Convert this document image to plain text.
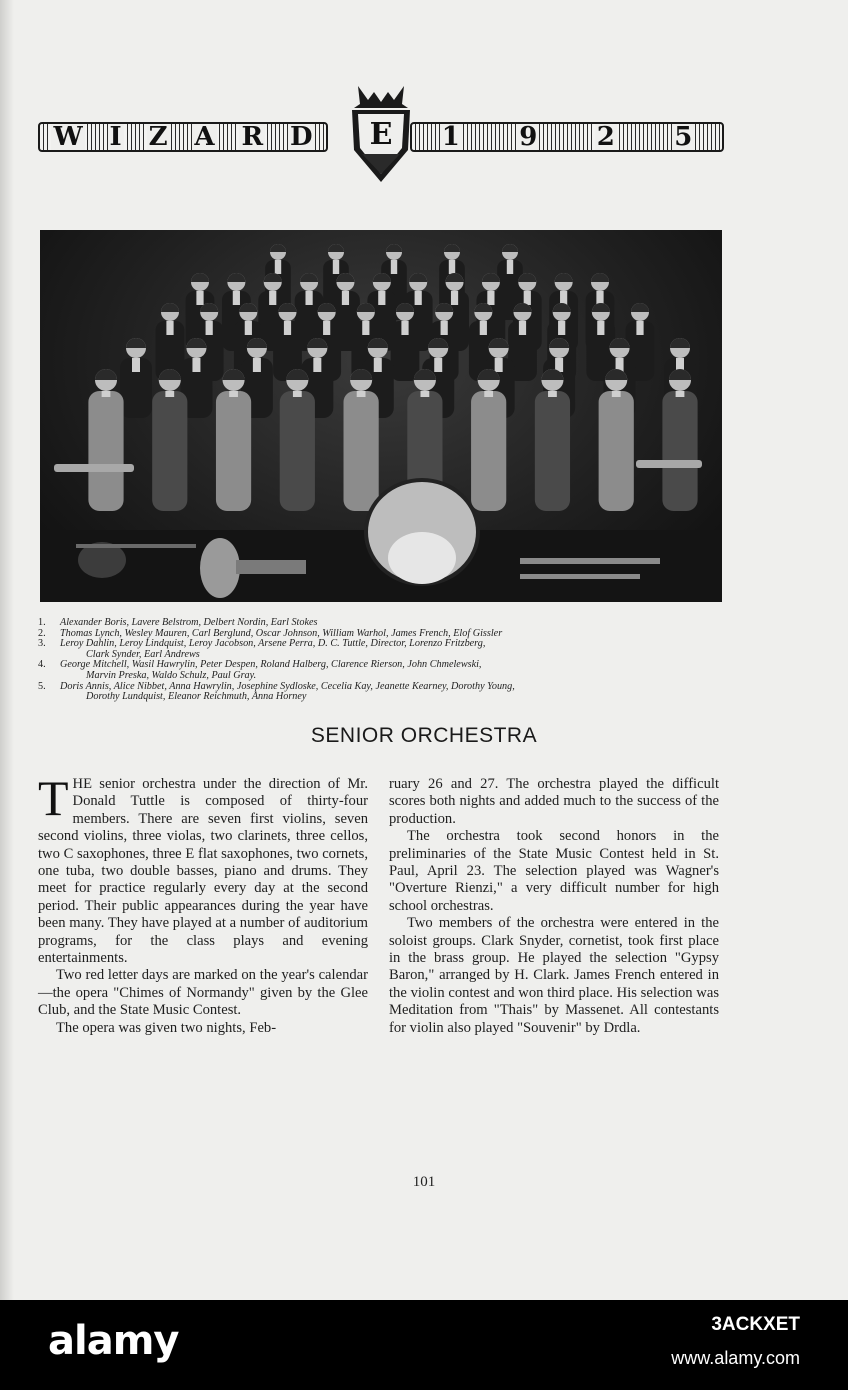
W I Z A R D E 1 9 2 5
1.	Alexander Boris, Lavere Belstrom, Delbert Nordin, Earl Stokes
2.	Thomas Lynch, Wesley Mauren, Carl Berglund, Oscar Johnson, William Warhol, James French, Elof Gissler
3.	Leroy Dahlin, Leroy Lindquist, Leroy Jacobson, Arsene Perra, D. C. Tuttle, Director, Lorenzo Fritzberg,
Clark Synder, Earl Andrews
4.	George Mitchell, Wasil Hawrylin, Peter Despen, Roland Halberg, Clarence Rierson, John Chmelewski,
Marvin Preska, Waldo Schulz, Paul Gray.
5.	Doris Annis, Alice Nibbet, Anna Hawrylin, Josephine Sydloske, Cecelia Kay, Jeanette Kearney, Dorothy Young,
Dorothy Lundquist, Eleanor Reichmuth, Anna Horney
SENIOR ORCHESTRA

THE senior orchestra under the direction of Mr. Donald Tuttle is composed of thirty-four members. There are seven first violins, seven second violins, three violas, two clarinets, three cellos, two C saxophones, three E flat saxophones, two cornets, one tuba, two double basses, piano and drums. They meet for practice regularly every day at the second period. Their public appearances during the year have been many. They have played at a number of auditorium programs, for the class plays and evening entertainments.

Two red letter days are marked on the year's calendar—the opera "Chimes of Normandy" given by the Glee Club, and the State Music Contest.

The opera was given two nights, Feb-

ruary 26 and 27. The orchestra played the difficult scores both nights and added much to the success of the production.

The orchestra took second honors in the preliminaries of the State Music Contest held in St. Paul, April 23. The selection played was Wagner's "Overture Rienzi," a very difficult number for high school orchestras.

Two members of the orchestra were entered in the soloist groups. Clark Snyder, cornetist, took first place in the brass group. He played the selection "Gypsy Baron," arranged by H. Clark. James French entered in the violin contest and won third place. His selection was Meditation from "Thais" by Massenet. All contestants for violin also played "Souvenir" by Drdla.

101
alamy	3ACKXET
www.alamy.com
